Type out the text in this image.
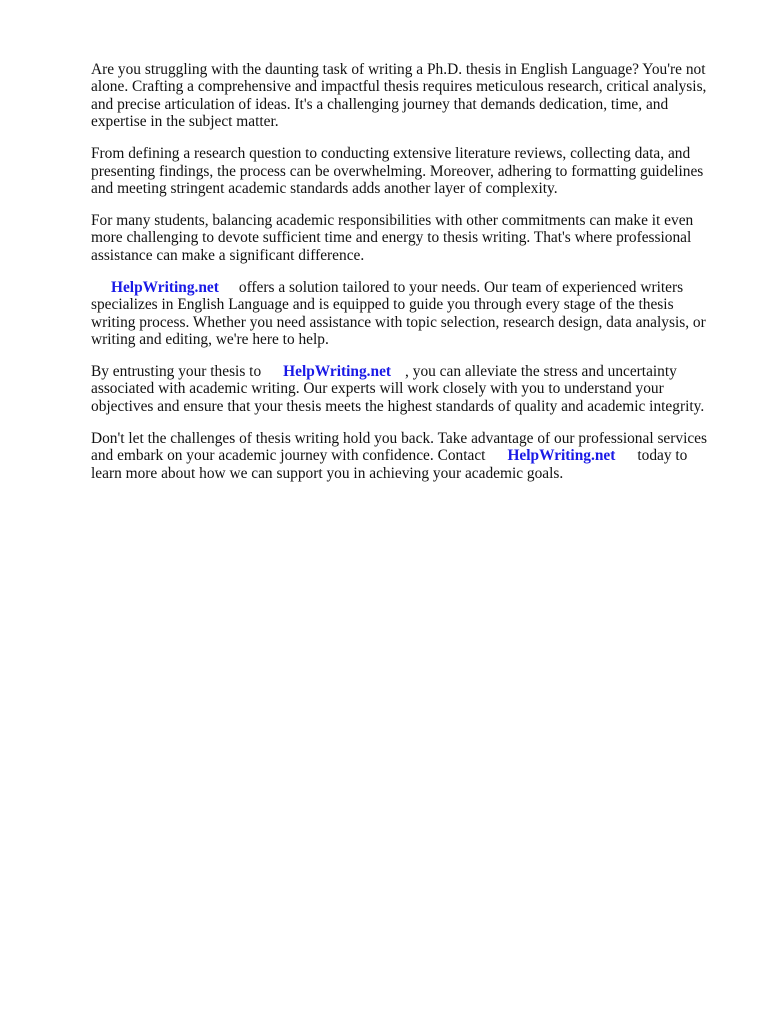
Are you struggling with the daunting task of writing a Ph.D. thesis in English Language? You're not alone. Crafting a comprehensive and impactful thesis requires meticulous research, critical analysis, and precise articulation of ideas. It's a challenging journey that demands dedication, time, and expertise in the subject matter.

From defining a research question to conducting extensive literature reviews, collecting data, and presenting findings, the process can be overwhelming. Moreover, adhering to formatting guidelines and meeting stringent academic standards adds another layer of complexity.

For many students, balancing academic responsibilities with other commitments can make it even more challenging to devote sufficient time and energy to thesis writing. That's where professional assistance can make a significant difference.

HelpWriting.net offers a solution tailored to your needs. Our team of experienced writers specializes in English Language and is equipped to guide you through every stage of the thesis writing process. Whether you need assistance with topic selection, research design, data analysis, or writing and editing, we're here to help.

By entrusting your thesis to HelpWriting.net , you can alleviate the stress and uncertainty associated with academic writing. Our experts will work closely with you to understand your objectives and ensure that your thesis meets the highest standards of quality and academic integrity.

Don't let the challenges of thesis writing hold you back. Take advantage of our professional services and embark on your academic journey with confidence. Contact HelpWriting.net today to learn more about how we can support you in achieving your academic goals.
